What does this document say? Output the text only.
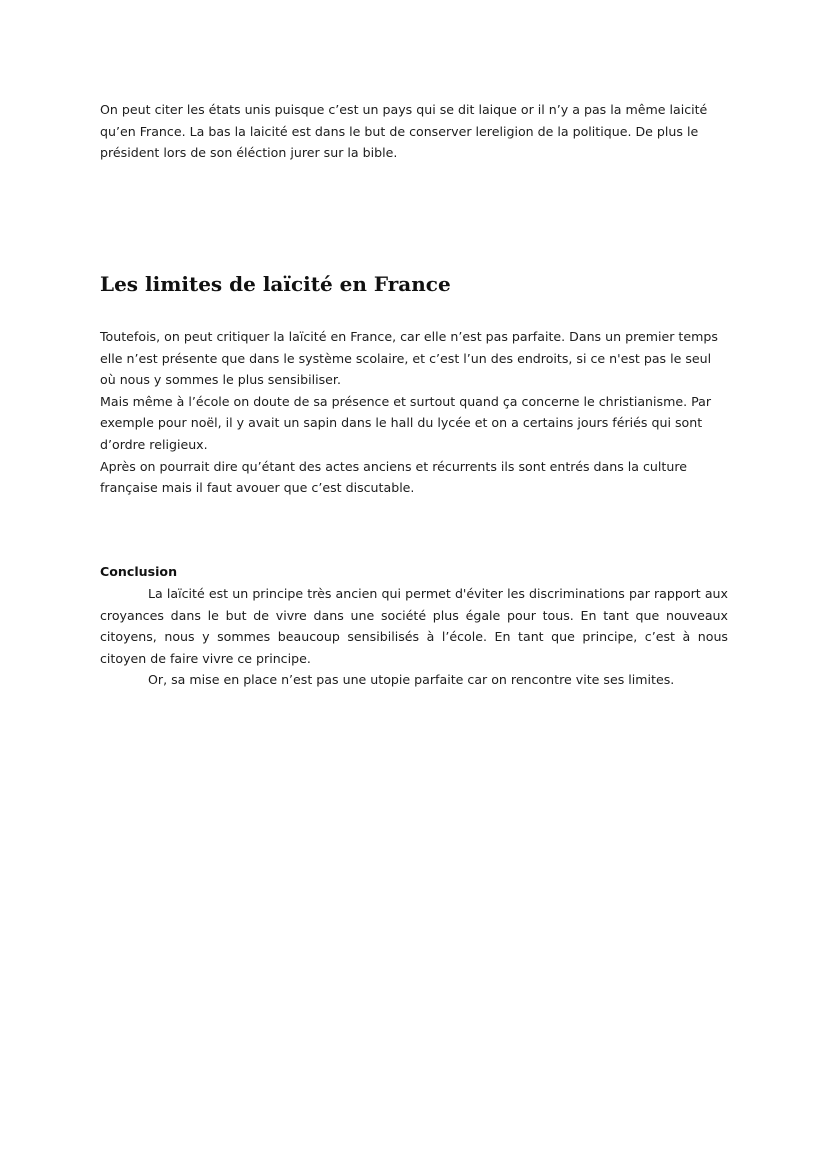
On peut citer les états unis puisque c’est un pays qui se dit laique or il n’y a pas la même laicité qu’en France. La bas la laicité est dans le but de conserver lereligion de la politique. De plus le président lors de son éléction jurer sur la bible.

Les limites de laïcité en France

Toutefois, on peut critiquer la laïcité en France, car elle n’est pas parfaite. Dans un premier temps elle n’est présente que dans le système scolaire, et c’est l’un des endroits, si ce n'est pas le seul où nous y sommes le plus sensibiliser.

Mais même à l’école on doute de sa présence et surtout quand ça concerne le christianisme. Par exemple pour noël, il y avait un sapin dans le hall du lycée et on a certains jours fériés qui sont d’ordre religieux.

Après on pourrait dire qu’étant des actes anciens et récurrents ils sont entrés dans la culture française mais il faut avouer que c’est discutable.

Conclusion

La laïcité est un principe très ancien qui permet d'éviter les discriminations par rapport aux croyances dans le but de vivre dans une société plus égale pour tous. En tant que nouveaux citoyens, nous y sommes beaucoup sensibilisés à l’école. En tant que principe, c’est à nous citoyen de faire vivre ce principe.

Or, sa mise en place n’est pas une utopie parfaite car on rencontre vite ses limites.
